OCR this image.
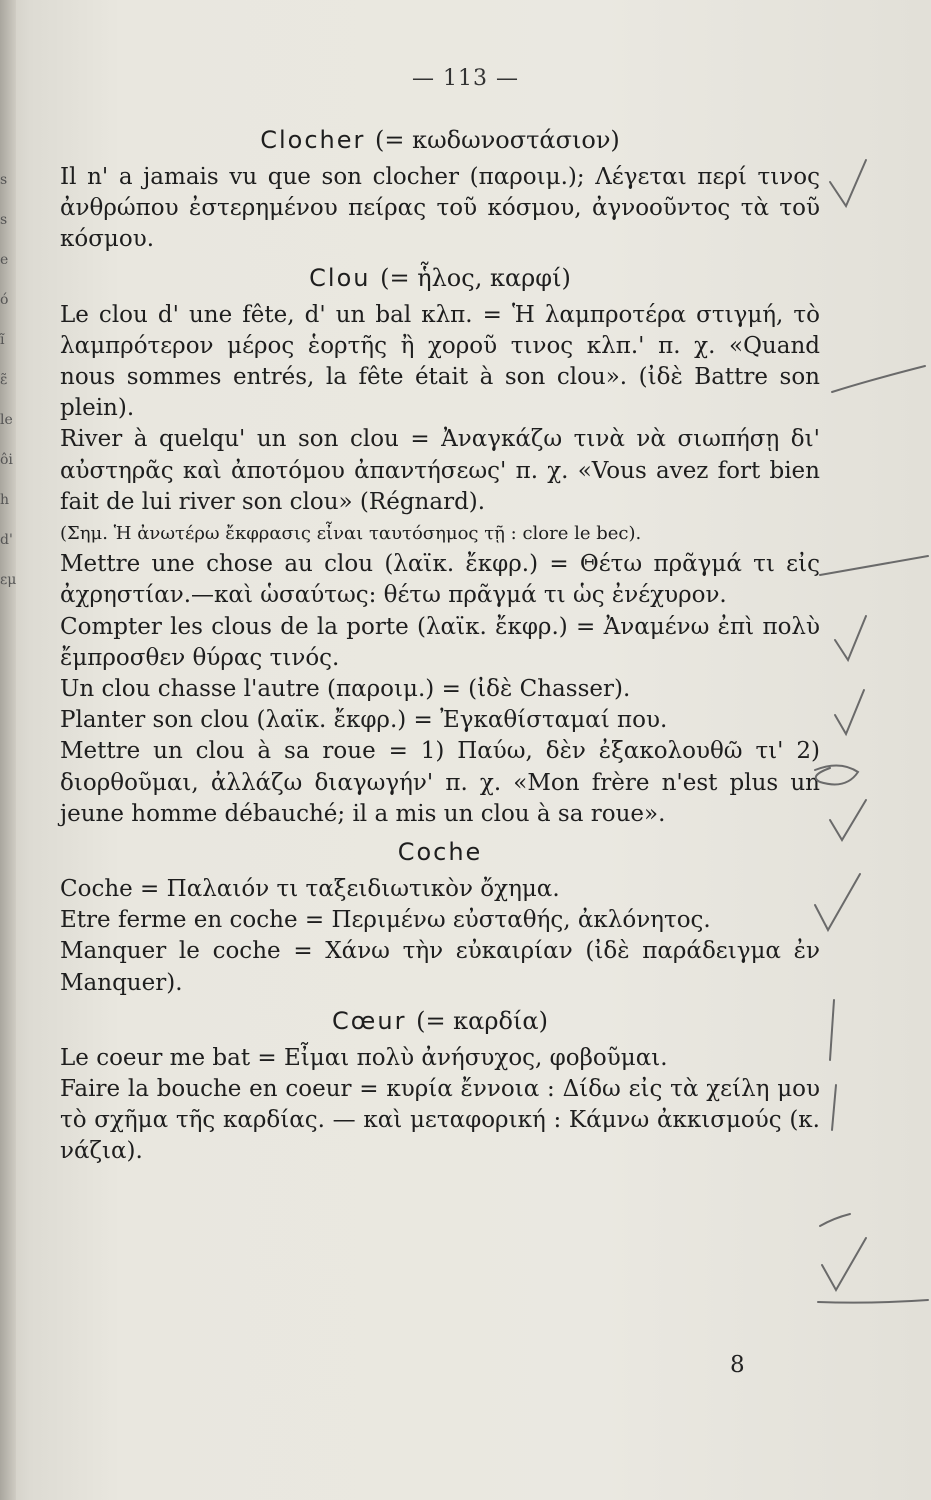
s
s
e
ó
ĩ
ε̃
le
ôi
h
d'
εμ
— 113 —
Clocher (= κωδωνοστάσιον)

Il n' a jamais vu que son clocher (παροιμ.); Λέγεται περί τινος ἀνθρώπου ἐστερημένου πείρας τοῦ κόσμου, ἀγνοοῦντος τὰ τοῦ κόσμου.

Clou (= ἧλος, καρφί)

Le clou d' une fête, d' un bal κλπ. = Ἡ λαμπροτέρα στιγμή, τὸ λαμπρότερον μέρος ἑορτῆς ἢ χοροῦ τινος κλπ.' π. χ. «Quand nous sommes entrés, la fête était à son clou». (ἰδὲ Battre son plein).

River à quelqu' un son clou = Ἀναγκάζω τινὰ νὰ σιωπήσῃ δι' αὐστηρᾶς καὶ ἀποτόμου ἀπαντήσεως' π. χ. «Vous avez fort bien fait de lui river son clou» (Régnard).

(Σημ. Ἡ ἀνωτέρω ἔκφρασις εἶναι ταυτόσημος τῇ : clore le bec).

Mettre une chose au clou (λαϊκ. ἔκφρ.) = Θέτω πρᾶγμά τι εἰς ἀχρηστίαν.—καὶ ὡσαύτως: θέτω πρᾶγμά τι ὡς ἐνέχυρον.

Compter les clous de la porte (λαϊκ. ἔκφρ.) = Ἀναμένω ἐπὶ πολὺ ἔμπροσθεν θύρας τινός.

Un clou chasse l'autre (παροιμ.) = (ἰδὲ Chasser).

Planter son clou (λαϊκ. ἔκφρ.) = Ἐγκαθίσταμαί που.

Mettre un clou à sa roue = 1) Παύω, δὲν ἐξακολουθῶ τι' 2) διορθοῦμαι, ἀλλάζω διαγωγήν' π. χ. «Mon frère n'est plus un jeune homme débauché; il a mis un clou à sa roue».

Coche

Coche = Παλαιόν τι ταξειδιωτικὸν ὄχημα.

Etre ferme en coche = Περιμένω εὐσταθής, ἀκλόνητος.

Manquer le coche = Χάνω τὴν εὐκαιρίαν (ἰδὲ παράδειγμα ἐν Manquer).

Cœur (= καρδία)

Le coeur me bat = Εἶμαι πολὺ ἀνήσυχος, φοβοῦμαι.

Faire la bouche en coeur = κυρία ἔννοια : Δίδω εἰς τὰ χείλη μου τὸ σχῆμα τῆς καρδίας. — καὶ μεταφορική : Κάμνω ἀκκισμούς (κ. νάζια).

8
